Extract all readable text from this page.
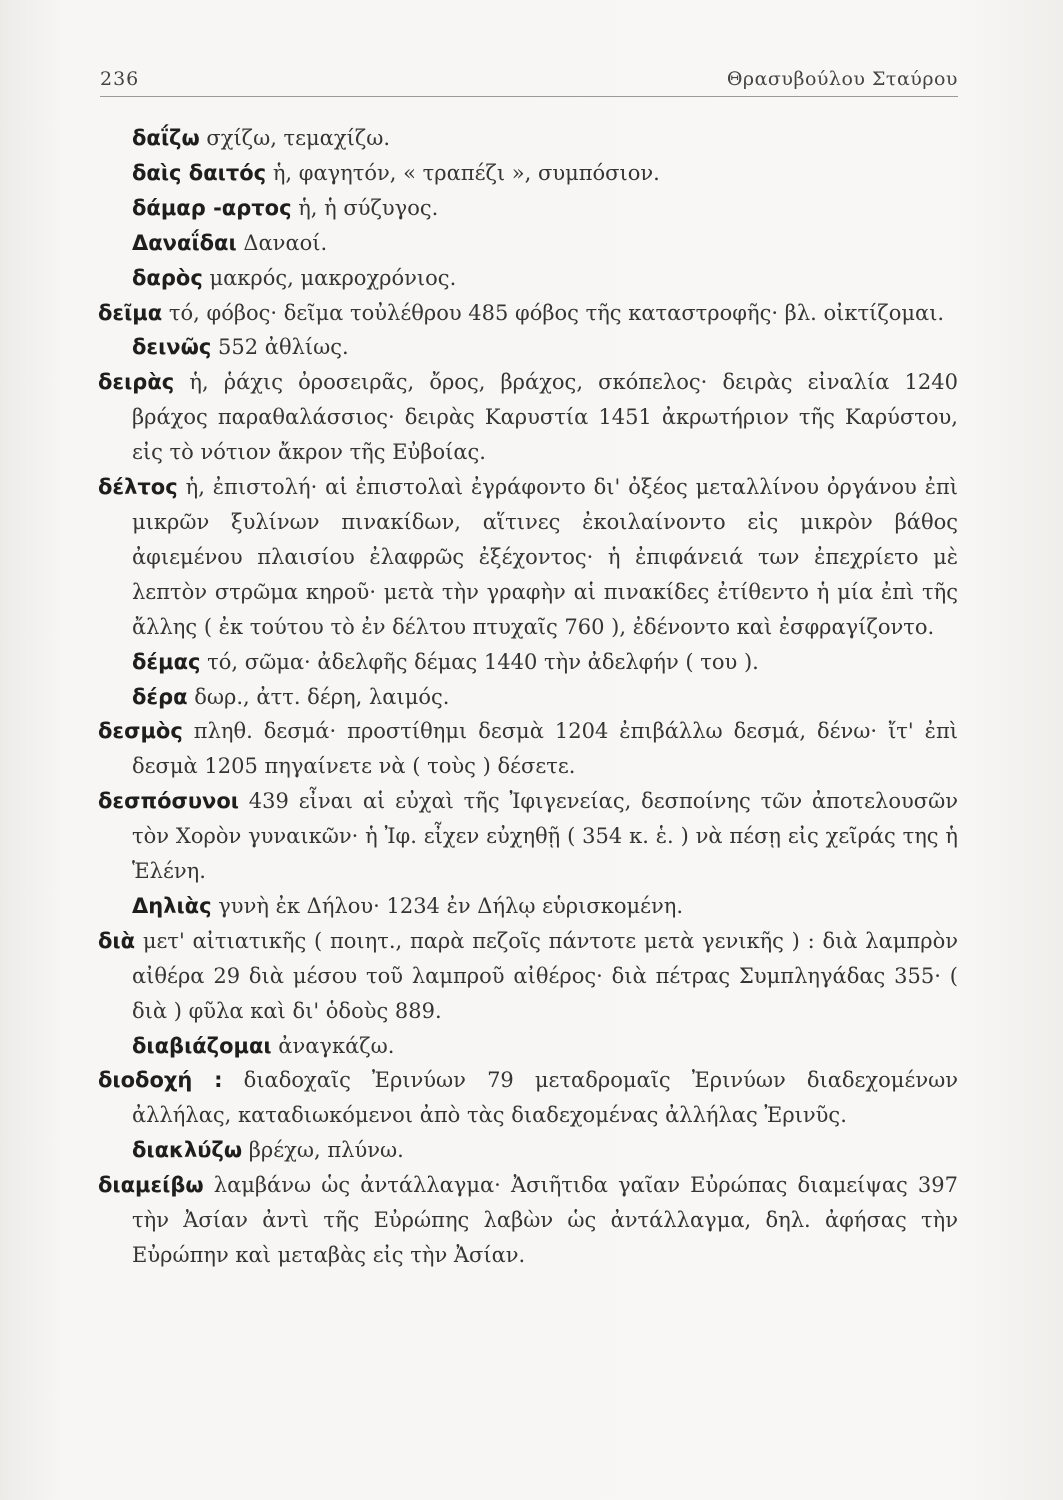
236	Θρασυβούλου Σταύρου

δαΐζω σχίζω, τεμαχίζω.

δαὶς δαιτός ἡ, φαγητόν, « τραπέζι », συμπόσιον.

δάμαρ -αρτος ἡ, ἡ σύζυγος.

Δαναΐδαι Δαναοί.

δαρὸς μακρός, μακροχρόνιος.

δεῖμα τό, φόβος· δεῖμα τοὐλέθρου 485 φόβος τῆς καταστροφῆς· βλ. οἰκτίζομαι.

δεινῶς 552 ἀθλίως.

δειρὰς ἡ, ῥάχις ὀροσειρᾶς, ὄρος, βράχος, σκόπελος· δειρὰς εἰναλία 1240 βράχος παραθαλάσσιος· δειρὰς Καρυστία 1451 ἀκρωτήριον τῆς Καρύστου, εἰς τὸ νότιον ἄκρον τῆς Εὐβοίας.

δέλτος ἡ, ἐπιστολή· αἱ ἐπιστολαὶ ἐγράφοντο δι' ὀξέος μεταλλίνου ὀργάνου ἐπὶ μικρῶν ξυλίνων πινακίδων, αἵτινες ἐκοιλαίνοντο εἰς μικρὸν βάθος ἀφιεμένου πλαισίου ἐλαφρῶς ἐξέχοντος· ἡ ἐπιφάνειά των ἐπεχρίετο μὲ λεπτὸν στρῶμα κηροῦ· μετὰ τὴν γραφὴν αἱ πινακίδες ἐτίθεντο ἡ μία ἐπὶ τῆς ἄλλης ( ἐκ τούτου τὸ ἐν δέλτου πτυχαῖς 760 ), ἐδένοντο καὶ ἐσφραγίζοντο.

δέμας τό, σῶμα· ἀδελφῆς δέμας 1440 τὴν ἀδελφήν ( του ).

δέρα δωρ., ἀττ. δέρη, λαιμός.

δεσμὸς πληθ. δεσμά· προστίθημι δεσμὰ 1204 ἐπιβάλλω δεσμά, δένω· ἴτ' ἐπὶ δεσμὰ 1205 πηγαίνετε νὰ ( τοὺς ) δέσετε.

δεσπόσυνοι 439 εἶναι αἱ εὐχαὶ τῆς Ἰφιγενείας, δεσποίνης τῶν ἀποτελουσῶν τὸν Χορὸν γυναικῶν· ἡ Ἰφ. εἶχεν εὐχηθῇ ( 354 κ. ἑ. ) νὰ πέσῃ εἰς χεῖράς της ἡ Ἑλένη.

Δηλιὰς γυνὴ ἐκ Δήλου· 1234 ἐν Δήλῳ εὑρισκομένη.

διὰ μετ' αἰτιατικῆς ( ποιητ., παρὰ πεζοῖς πάντοτε μετὰ γενικῆς ) : διὰ λαμπρὸν αἰθέρα 29 διὰ μέσου τοῦ λαμπροῦ αἰθέρος· διὰ πέτρας Συμπληγάδας 355· ( διὰ ) φῦλα καὶ δι' ὁδοὺς 889.

διαβιάζομαι ἀναγκάζω.

διοδοχή : διαδοχαῖς Ἐρινύων 79 μεταδρομαῖς Ἐρινύων διαδεχομένων ἀλλήλας, καταδιωκόμενοι ἀπὸ τὰς διαδεχομένας ἀλλήλας Ἐρινῦς.

διακλύζω βρέχω, πλύνω.

διαμείβω λαμβάνω ὡς ἀντάλλαγμα· Ἀσιῆτιδα γαῖαν Εὐρώπας διαμείψας 397 τὴν Ἀσίαν ἀντὶ τῆς Εὐρώπης λαβὼν ὡς ἀντάλλαγμα, δηλ. ἀφήσας τὴν Εὐρώπην καὶ μεταβὰς εἰς τὴν Ἀσίαν.
